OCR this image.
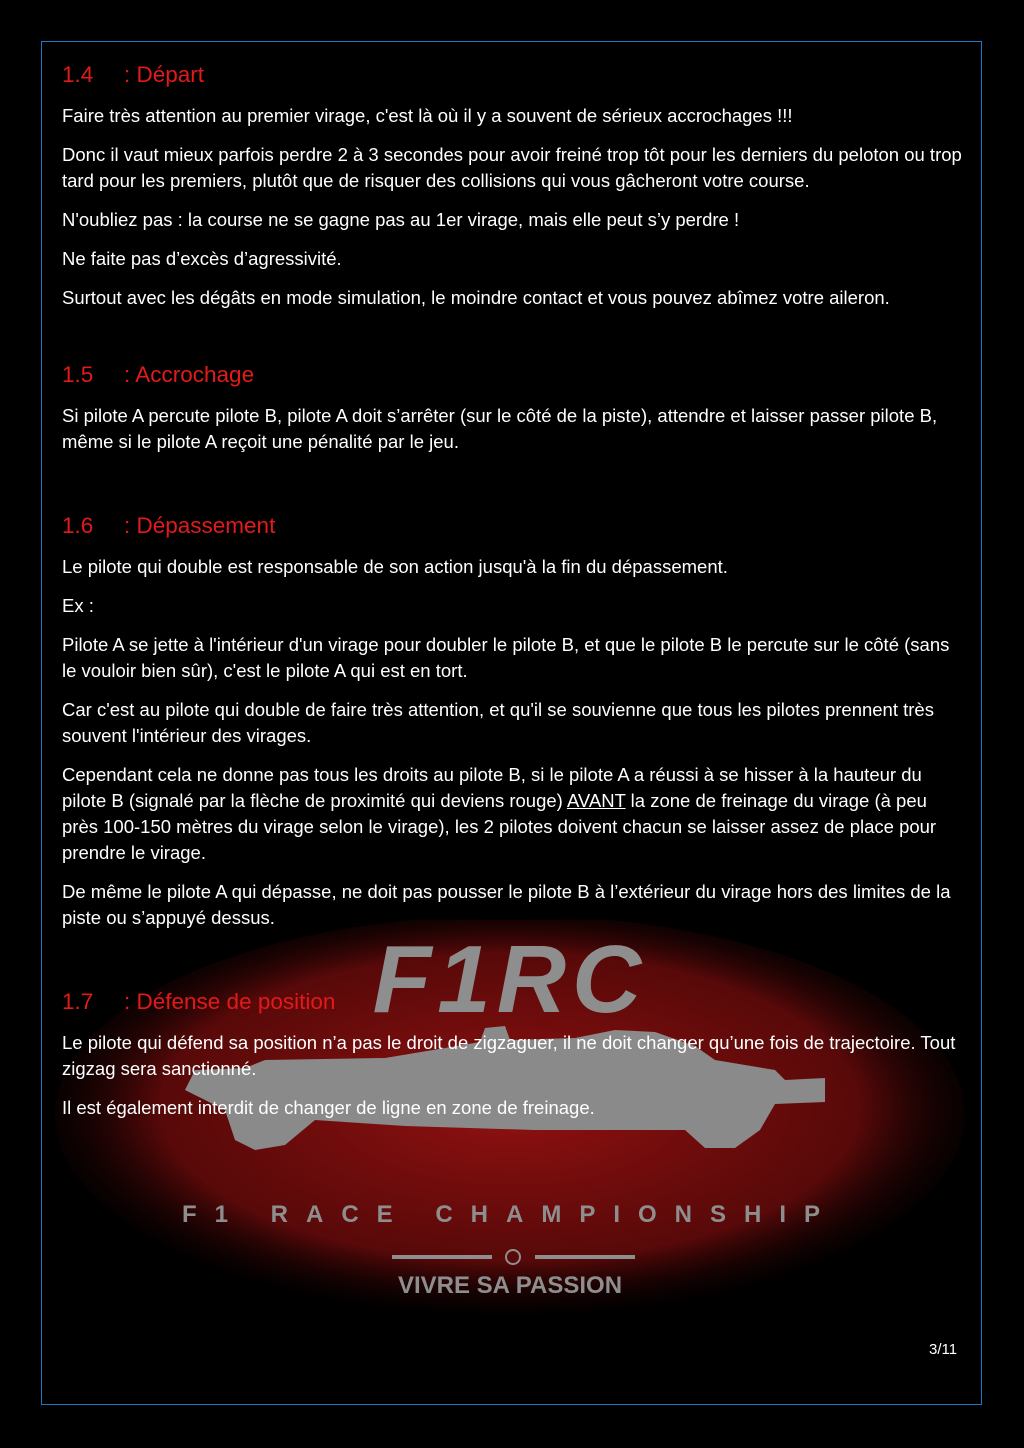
F1RC
F1 RACE CHAMPIONSHIP
VIVRE SA PASSION
1.4 : Départ

Faire très attention au premier virage, c'est là où il y a souvent de sérieux accrochages !!!

Donc il vaut mieux parfois perdre 2 à 3 secondes pour avoir freiné trop tôt pour les derniers du peloton ou trop tard pour les premiers, plutôt que de risquer des collisions qui vous gâcheront votre course.

N'oubliez pas : la course ne se gagne pas au 1er virage, mais elle peut s’y perdre !

Ne faite pas d’excès d’agressivité.

Surtout avec les dégâts en mode simulation, le moindre contact et vous pouvez abîmez votre aileron.

1.5 : Accrochage

Si pilote A percute pilote B, pilote A doit s’arrêter (sur le côté de la piste), attendre et laisser passer pilote B, même si le pilote A reçoit une pénalité par le jeu.

1.6 : Dépassement

Le pilote qui double est responsable de son action jusqu'à la fin du dépassement.

Ex :

Pilote A se jette à l'intérieur d'un virage pour doubler le pilote B, et que le pilote B le percute sur le côté (sans le vouloir bien sûr), c'est le pilote A qui est en tort.

Car c'est au pilote qui double de faire très attention, et qu'il se souvienne que tous les pilotes prennent très souvent l'intérieur des virages.

Cependant cela ne donne pas tous les droits au pilote B, si le pilote A a réussi à se hisser à la hauteur du pilote B (signalé par la flèche de proximité qui deviens rouge) AVANT la zone de freinage du virage (à peu près 100-150 mètres du virage selon le virage), les 2 pilotes doivent chacun se laisser assez de place pour prendre le virage.

De même le pilote A qui dépasse, ne doit pas pousser le pilote B à l’extérieur du virage hors des limites de la piste ou s’appuyé dessus.

1.7 : Défense de position

Le pilote qui défend sa position n’a pas le droit de zigzaguer, il ne doit changer qu’une fois de trajectoire. Tout zigzag sera sanctionné.

Il est également interdit de changer de ligne en zone de freinage.

3/11
